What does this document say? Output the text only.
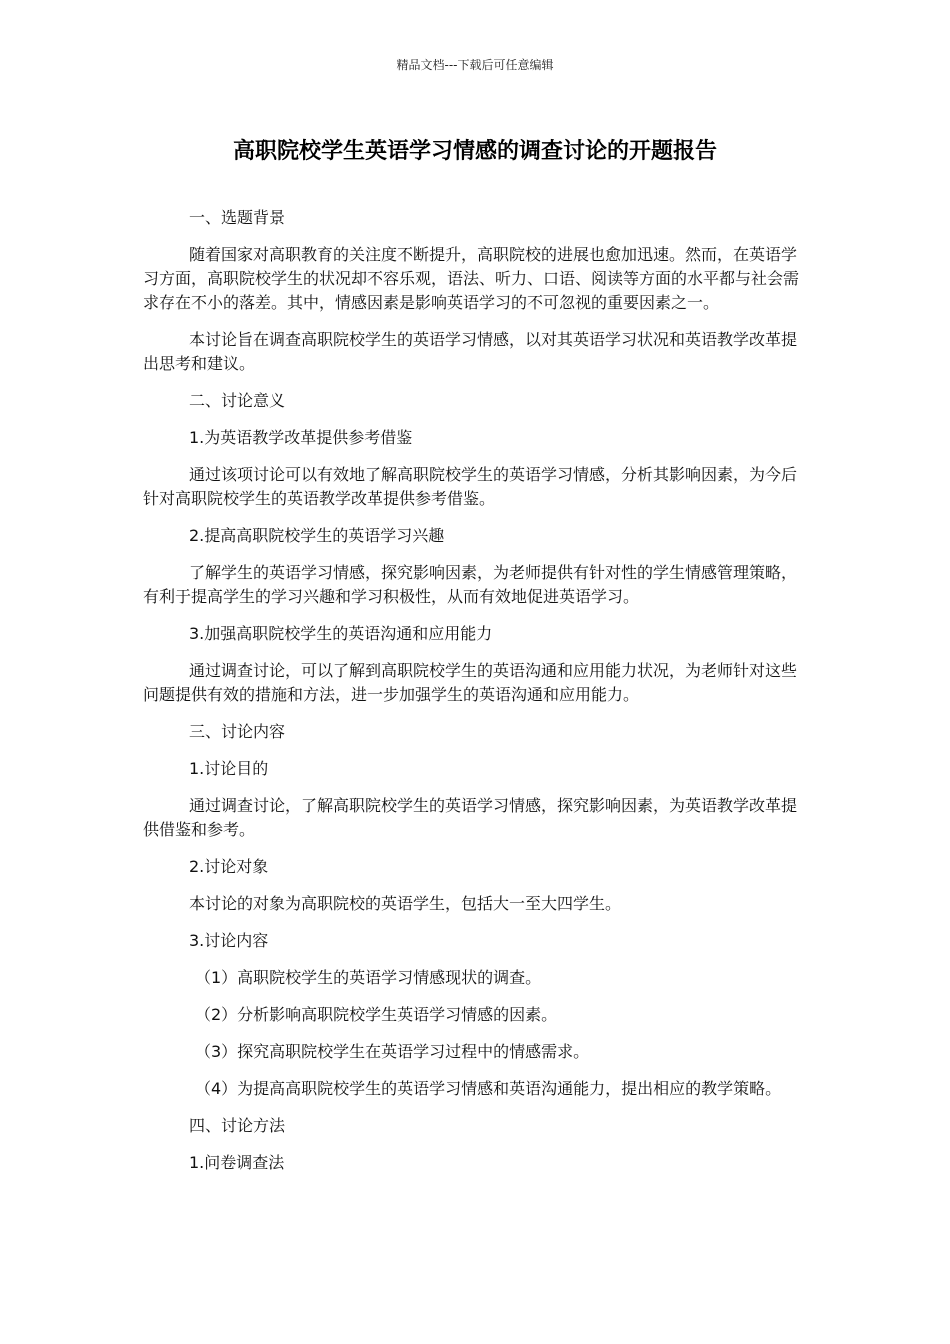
精品文档---下载后可任意编辑
高职院校学生英语学习情感的调查讨论的开题报告

一、选题背景

随着国家对高职教育的关注度不断提升，高职院校的进展也愈加迅速。然而，在英语学习方面，高职院校学生的状况却不容乐观，语法、听力、口语、阅读等方面的水平都与社会需求存在不小的落差。其中，情感因素是影响英语学习的不可忽视的重要因素之一。

本讨论旨在调查高职院校学生的英语学习情感，以对其英语学习状况和英语教学改革提出思考和建议。

二、讨论意义

1.为英语教学改革提供参考借鉴

通过该项讨论可以有效地了解高职院校学生的英语学习情感，分析其影响因素，为今后针对高职院校学生的英语教学改革提供参考借鉴。

2.提高高职院校学生的英语学习兴趣

了解学生的英语学习情感，探究影响因素，为老师提供有针对性的学生情感管理策略，有利于提高学生的学习兴趣和学习积极性，从而有效地促进英语学习。

3.加强高职院校学生的英语沟通和应用能力

通过调查讨论，可以了解到高职院校学生的英语沟通和应用能力状况，为老师针对这些问题提供有效的措施和方法，进一步加强学生的英语沟通和应用能力。

三、讨论内容

1.讨论目的

通过调查讨论，了解高职院校学生的英语学习情感，探究影响因素，为英语教学改革提供借鉴和参考。

2.讨论对象

本讨论的对象为高职院校的英语学生，包括大一至大四学生。

3.讨论内容

（1）高职院校学生的英语学习情感现状的调查。

（2）分析影响高职院校学生英语学习情感的因素。

（3）探究高职院校学生在英语学习过程中的情感需求。

（4）为提高高职院校学生的英语学习情感和英语沟通能力，提出相应的教学策略。

四、讨论方法

1.问卷调查法
